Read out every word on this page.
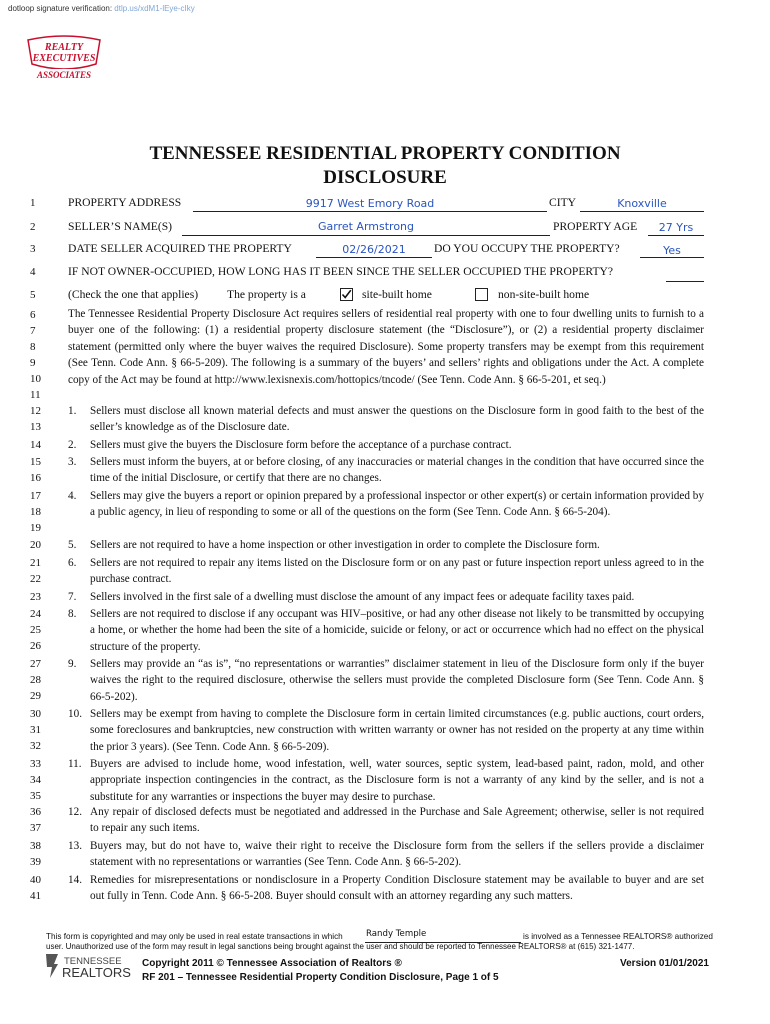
dotloop signature verification: dtlp.us/xdM1-lEye-cIky
REALTY
EXECUTIVES
ASSOCIATES
TENNESSEE RESIDENTIAL PROPERTY CONDITION
DISCLOSURE
1
2
3
4
5
6
7
8
9
10
11
12
13
14
15
16
17
18
19
20
21
22
23
24
25
26
27
28
29
30
31
32
33
34
35
36
37
38
39
40
41
PROPERTY ADDRESS	9917 West Emory Road	CITY	Knoxville
SELLER’S NAME(S)	Garret Armstrong	PROPERTY AGE	27 Yrs
DATE SELLER ACQUIRED THE PROPERTY	02/26/2021	DO YOU OCCUPY THE PROPERTY?	Yes
IF NOT OWNER-OCCUPIED, HOW LONG HAS IT BEEN SINCE THE SELLER OCCUPIED THE PROPERTY?
(Check the one that applies) The property is a	site-built home	non-site-built home
The Tennessee Residential Property Disclosure Act requires sellers of residential real property with one to four dwelling units to furnish to a buyer one of the following: (1) a residential property disclosure statement (the “Disclosure”), or (2) a residential property disclaimer statement (permitted only where the buyer waives the required Disclosure). Some property transfers may be exempt from this requirement (See Tenn. Code Ann. § 66-5-209). The following is a summary of the buyers’ and sellers’ rights and obligations under the Act. A complete copy of the Act may be found at http://www.lexisnexis.com/hottopics/tncode/ (See Tenn. Code Ann. § 66-5-201, et seq.)
1.	Sellers must disclose all known material defects and must answer the questions on the Disclosure form in good faith to the best of the seller’s knowledge as of the Disclosure date.
2.	Sellers must give the buyers the Disclosure form before the acceptance of a purchase contract.
3.	Sellers must inform the buyers, at or before closing, of any inaccuracies or material changes in the condition that have occurred since the time of the initial Disclosure, or certify that there are no changes.
4.	Sellers may give the buyers a report or opinion prepared by a professional inspector or other expert(s) or certain information provided by a public agency, in lieu of responding to some or all of the questions on the form (See Tenn. Code Ann. § 66-5-204).
5.	Sellers are not required to have a home inspection or other investigation in order to complete the Disclosure form.
6.	Sellers are not required to repair any items listed on the Disclosure form or on any past or future inspection report unless agreed to in the purchase contract.
7.	Sellers involved in the first sale of a dwelling must disclose the amount of any impact fees or adequate facility taxes paid.
8.	Sellers are not required to disclose if any occupant was HIV–positive, or had any other disease not likely to be transmitted by occupying a home, or whether the home had been the site of a homicide, suicide or felony, or act or occurrence which had no effect on the physical structure of the property.
9.	Sellers may provide an “as is”, “no representations or warranties” disclaimer statement in lieu of the Disclosure form only if the buyer waives the right to the required disclosure, otherwise the sellers must provide the completed Disclosure form (See Tenn. Code Ann. § 66-5-202).
10. Sellers may be exempt from having to complete the Disclosure form in certain limited circumstances (e.g. public auctions, court orders, some foreclosures and bankruptcies, new construction with written warranty or owner has not resided on the property at any time within the prior 3 years). (See Tenn. Code Ann. § 66-5-209).
11. Buyers are advised to include home, wood infestation, well, water sources, septic system, lead-based paint, radon, mold, and other appropriate inspection contingencies in the contract, as the Disclosure form is not a warranty of any kind by the seller, and is not a substitute for any warranties or inspections the buyer may desire to purchase.
12. Any repair of disclosed defects must be negotiated and addressed in the Purchase and Sale Agreement; otherwise, seller is not required to repair any such items.
13. Buyers may, but do not have to, waive their right to receive the Disclosure form from the sellers if the sellers provide a disclaimer statement with no representations or warranties (See Tenn. Code Ann. § 66-5-202).
14. Remedies for misrepresentations or nondisclosure in a Property Condition Disclosure statement may be available to buyer and are set out fully in Tenn. Code Ann. § 66-5-208. Buyer should consult with an attorney regarding any such matters.
This form is copyrighted and may only be used in real estate transactions in which	Randy Temple	is involved as a Tennessee REALTORS® authorized
user. Unauthorized use of the form may result in legal sanctions being brought against the user and should be reported to Tennessee REALTORS® at (615) 321-1477.
TENNESSEE
REALTORS
Copyright 2011 © Tennessee Association of Realtors ®
RF 201 – Tennessee Residential Property Condition Disclosure, Page 1 of 5
Version 01/01/2021
